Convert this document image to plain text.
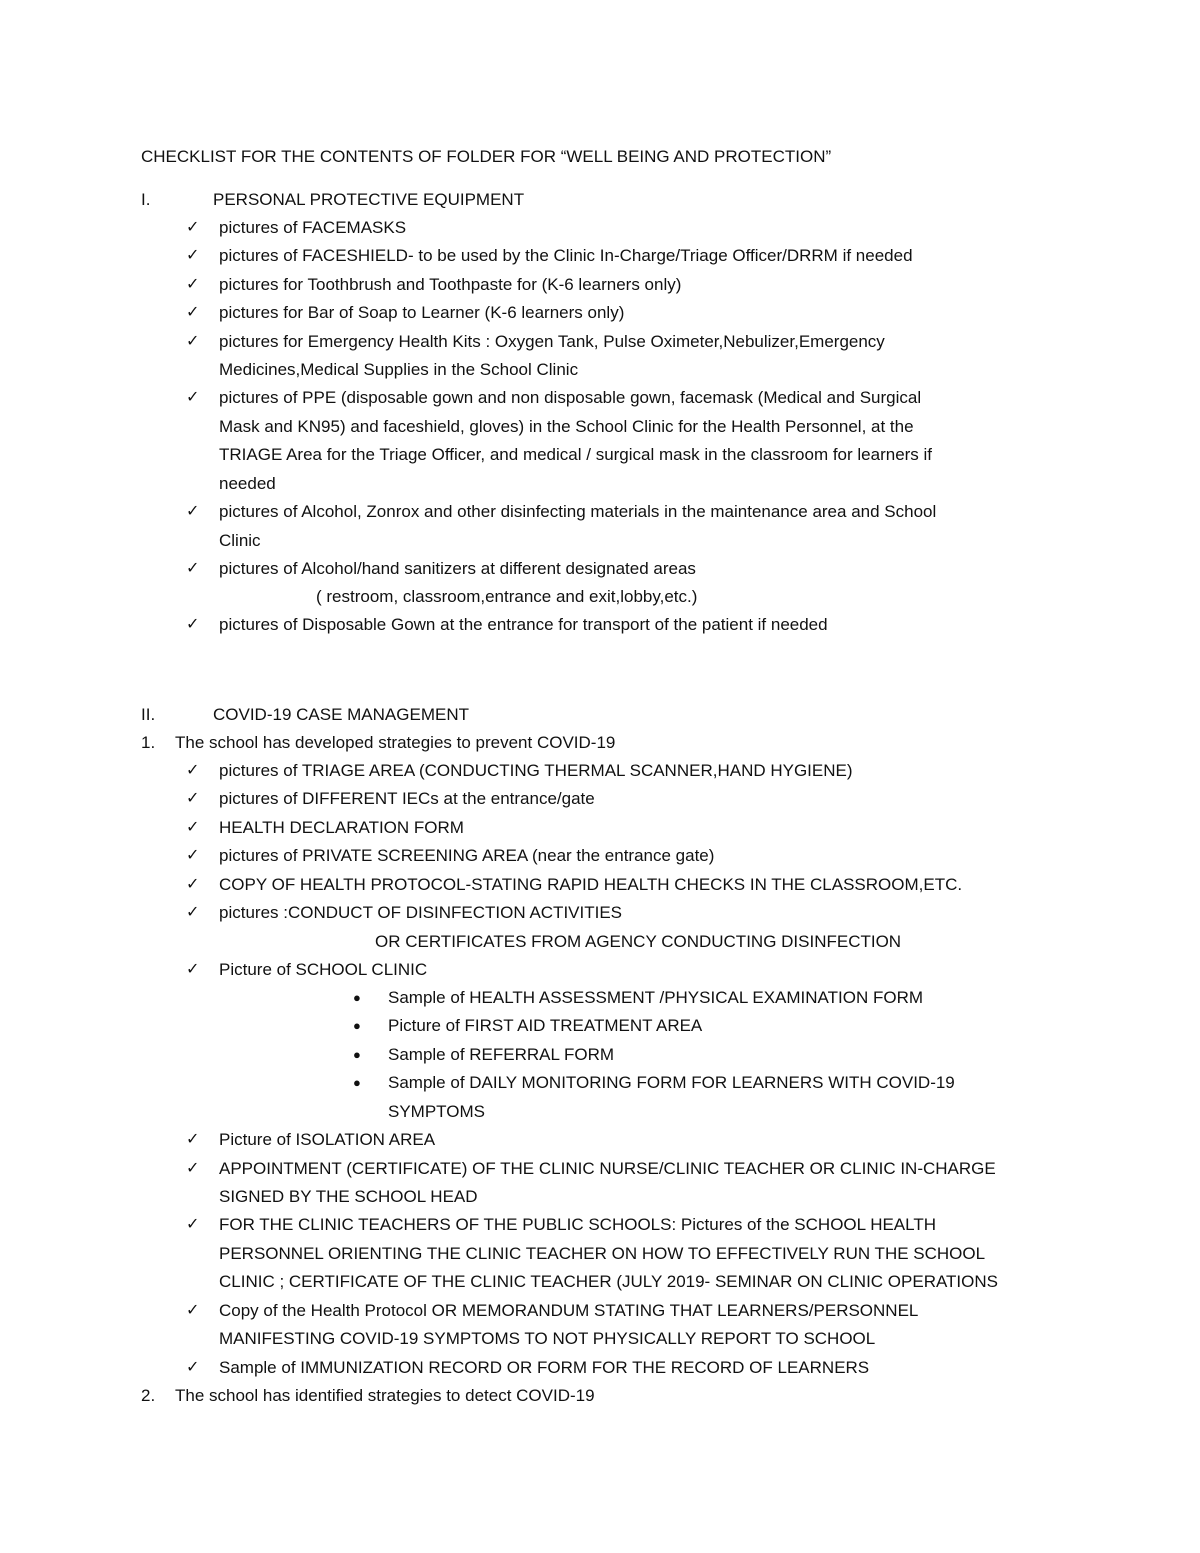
CHECKLIST FOR THE CONTENTS OF FOLDER FOR “WELL BEING AND PROTECTION”
I.	PERSONAL PROTECTIVE EQUIPMENT
✓ pictures of FACEMASKS
✓ pictures of FACESHIELD- to be used by the Clinic In-Charge/Triage Officer/DRRM if needed
✓ pictures for Toothbrush and Toothpaste for (K-6 learners only)
✓ pictures for Bar of Soap to Learner (K-6 learners only)
✓ pictures for Emergency Health Kits : Oxygen Tank, Pulse Oximeter,Nebulizer,Emergency
Medicines,Medical Supplies in the School Clinic
✓ pictures of PPE (disposable gown and non disposable gown, facemask (Medical and Surgical
Mask and KN95) and faceshield, gloves) in the School Clinic for the Health Personnel, at the
TRIAGE Area for the Triage Officer, and medical / surgical mask in the classroom for learners if
needed
✓ pictures of Alcohol, Zonrox and other disinfecting materials in the maintenance area and School
Clinic
✓ pictures of Alcohol/hand sanitizers at different designated areas
( restroom, classroom,entrance and exit,lobby,etc.)
✓ pictures of Disposable Gown at the entrance for transport of the patient if needed
II.	COVID-19 CASE MANAGEMENT
1. The school has developed strategies to prevent COVID-19
✓ pictures of TRIAGE AREA (CONDUCTING THERMAL SCANNER,HAND HYGIENE)
✓ pictures of DIFFERENT IECs at the entrance/gate
✓ HEALTH DECLARATION FORM
✓ pictures of PRIVATE SCREENING AREA (near the entrance gate)
✓ COPY OF HEALTH PROTOCOL-STATING RAPID HEALTH CHECKS IN THE CLASSROOM,ETC.
✓ pictures :CONDUCT OF DISINFECTION ACTIVITIES
OR CERTIFICATES FROM AGENCY CONDUCTING DISINFECTION
✓ Picture of SCHOOL CLINIC
● Sample of HEALTH ASSESSMENT /PHYSICAL EXAMINATION FORM
● Picture of FIRST AID TREATMENT AREA
● Sample of REFERRAL FORM
● Sample of DAILY MONITORING FORM FOR LEARNERS WITH COVID-19
SYMPTOMS
✓ Picture of ISOLATION AREA
✓ APPOINTMENT (CERTIFICATE) OF THE CLINIC NURSE/CLINIC TEACHER OR CLINIC IN-CHARGE
SIGNED BY THE SCHOOL HEAD
✓ FOR THE CLINIC TEACHERS OF THE PUBLIC SCHOOLS: Pictures of the SCHOOL HEALTH
PERSONNEL ORIENTING THE CLINIC TEACHER ON HOW TO EFFECTIVELY RUN THE SCHOOL
CLINIC ; CERTIFICATE OF THE CLINIC TEACHER (JULY 2019- SEMINAR ON CLINIC OPERATIONS
✓ Copy of the Health Protocol OR MEMORANDUM STATING THAT LEARNERS/PERSONNEL
MANIFESTING COVID-19 SYMPTOMS TO NOT PHYSICALLY REPORT TO SCHOOL
✓ Sample of IMMUNIZATION RECORD OR FORM FOR THE RECORD OF LEARNERS
2. The school has identified strategies to detect COVID-19
